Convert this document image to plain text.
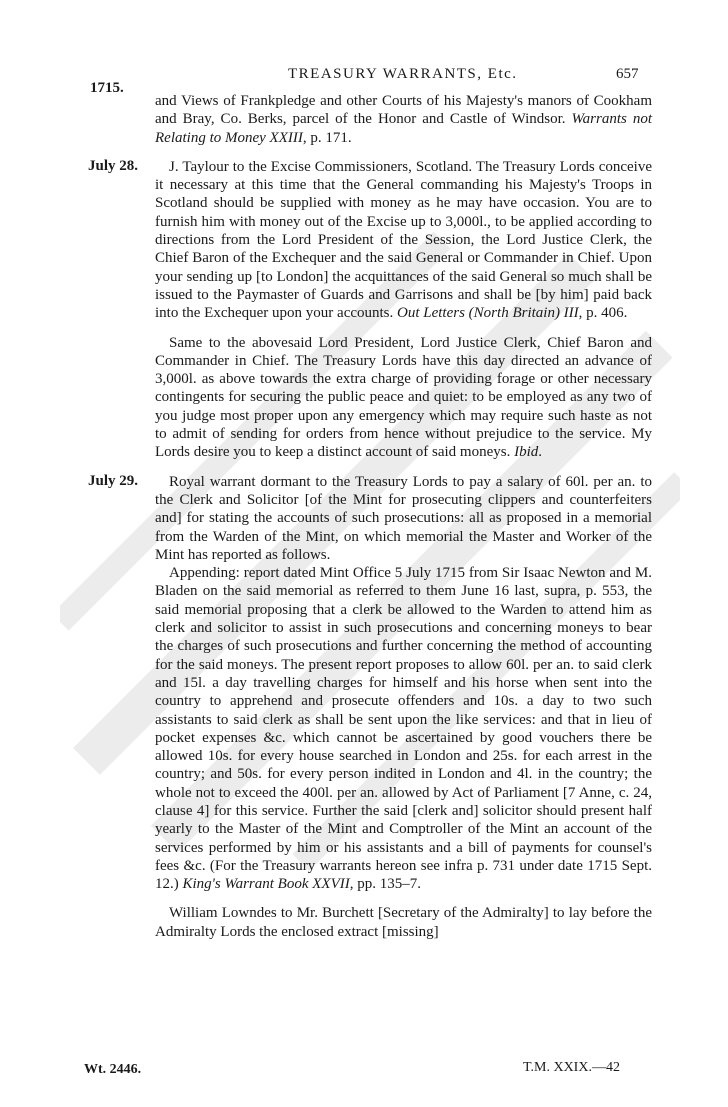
1715.
TREASURY WARRANTS, Etc.	657

and Views of Frankpledge and other Courts of his Majesty's manors of Cookham and Bray, Co. Berks, parcel of the Honor and Castle of Windsor. Warrants not Relating to Money XXIII, p. 171.

July 28.	J. Taylour to the Excise Commissioners, Scotland. The Treasury Lords conceive it necessary at this time that the General commanding his Majesty's Troops in Scotland should be supplied with money as he may have occasion. You are to furnish him with money out of the Excise up to 3,000l., to be applied according to directions from the Lord President of the Session, the Lord Justice Clerk, the Chief Baron of the Exchequer and the said General or Commander in Chief. Upon your sending up [to London] the acquittances of the said General so much shall be issued to the Paymaster of Guards and Garrisons and shall be [by him] paid back into the Exchequer upon your accounts. Out Letters (North Britain) III, p. 406.

Same to the abovesaid Lord President, Lord Justice Clerk, Chief Baron and Commander in Chief. The Treasury Lords have this day directed an advance of 3,000l. as above towards the extra charge of providing forage or other necessary contingents for securing the public peace and quiet: to be employed as any two of you judge most proper upon any emergency which may require such haste as not to admit of sending for orders from hence without prejudice to the service. My Lords desire you to keep a distinct account of said moneys. Ibid.

July 29.	Royal warrant dormant to the Treasury Lords to pay a salary of 60l. per an. to the Clerk and Solicitor [of the Mint for prosecuting clippers and counterfeiters and] for stating the accounts of such prosecutions: all as proposed in a memorial from the Warden of the Mint, on which memorial the Master and Worker of the Mint has reported as follows.

Appending: report dated Mint Office 5 July 1715 from Sir Isaac Newton and M. Bladen on the said memorial as referred to them June 16 last, supra, p. 553, the said memorial proposing that a clerk be allowed to the Warden to attend him as clerk and solicitor to assist in such prosecutions and concerning moneys to bear the charges of such prosecutions and further concerning the method of accounting for the said moneys. The present report proposes to allow 60l. per an. to said clerk and 15l. a day travelling charges for himself and his horse when sent into the country to apprehend and prosecute offenders and 10s. a day to two such assistants to said clerk as shall be sent upon the like services: and that in lieu of pocket expenses &c. which cannot be ascertained by good vouchers there be allowed 10s. for every house searched in London and 25s. for each arrest in the country; and 50s. for every person indited in London and 4l. in the country; the whole not to exceed the 400l. per an. allowed by Act of Parliament [7 Anne, c. 24, clause 4] for this service. Further the said [clerk and] solicitor should present half yearly to the Master of the Mint and Comptroller of the Mint an account of the services performed by him or his assistants and a bill of payments for counsel's fees &c. (For the Treasury warrants hereon see infra p. 731 under date 1715 Sept. 12.) King's Warrant Book XXVII, pp. 135–7.

William Lowndes to Mr. Burchett [Secretary of the Admiralty] to lay before the Admiralty Lords the enclosed extract [missing]

Wt. 2446.	T.M. XXIX.—42
